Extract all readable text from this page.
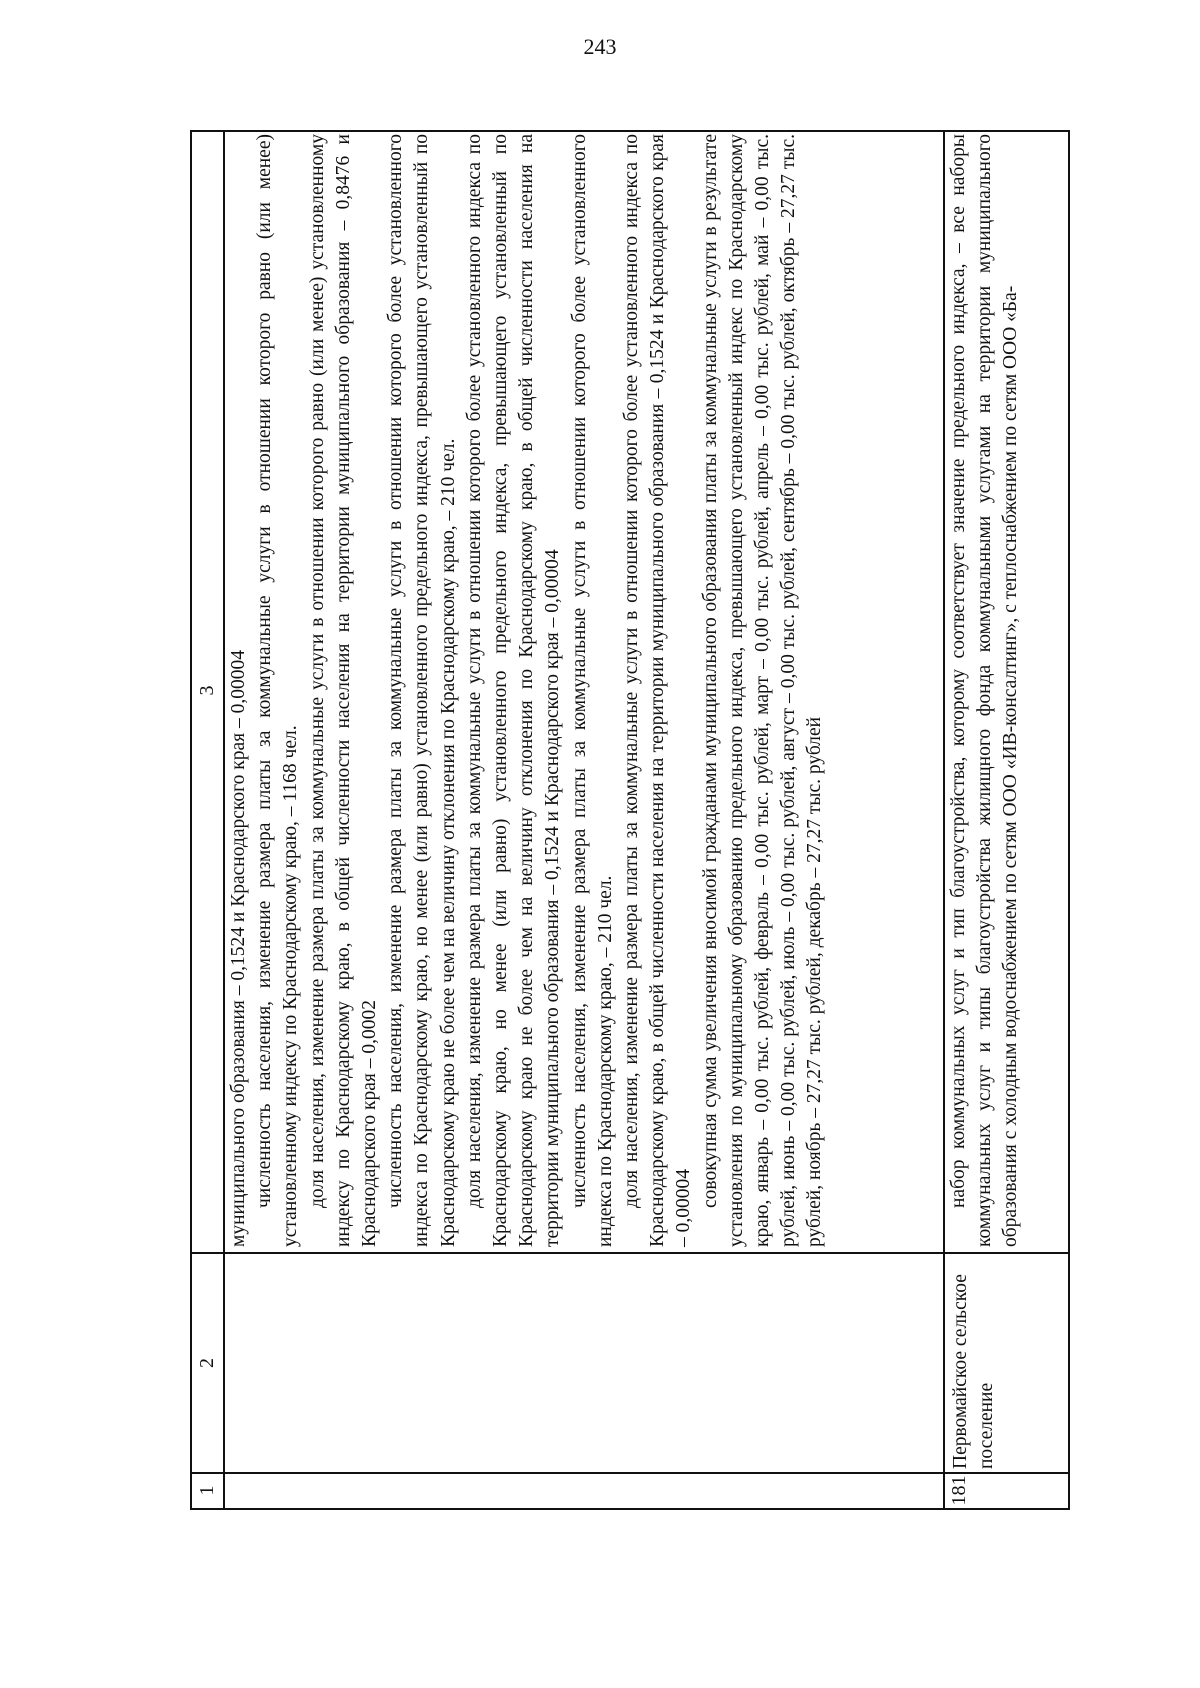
243
1
2
3 муниципального образования – 0,1524 и Краснодарского края – 0,00004 численность населения, изменение размера платы за коммунальные услуги в отношении которого равно (или менее) установленному индексу по Краснодарскому краю, – 1168 чел. доля населения, изменение размера платы за коммунальные услуги в отношении которого равно (или менее) установленному индексу по Краснодарскому краю, в общей численности населения на территории муниципального образования – 0,8476 и Краснодарского края – 0,0002 численность населения, изменение размера платы за коммунальные услуги в отношении которого более установленного индекса по Краснодарскому краю, но менее (или равно) установленного предельного индекса, превышающего установленный по Краснодарскому краю не более чем на величину отклонения по Краснодарскому краю, – 210 чел. доля населения, изменение размера платы за коммунальные услуги в отношении которого более установленного индекса по Краснодарскому краю, но менее (или равно) установленного предельного индекса, превышающего установленный по Краснодарскому краю не более чем на величину отклонения по Краснодарскому краю, в общей численности населения на территории муниципального образования – 0,1524 и Краснодарского края – 0,00004 численность населения, изменение размера платы за коммунальные услуги в отношении которого более установленного индекса по Краснодарскому краю, – 210 чел. доля населения, изменение размера платы за коммунальные услуги в отношении которого более установленного индекса по Краснодарскому краю, в общей численности населения на территории муниципального образования – 0,1524 и Краснодарского края – 0,00004 совокупная сумма увеличения вносимой гражданами муниципального образования платы за коммунальные услуги в результате установления по муниципальному образованию предельного индекса, превышающего установленный индекс по Краснодарскому краю, январь – 0,00 тыс. рублей, февраль – 0,00 тыс. рублей, март – 0,00 тыс. рублей, апрель – 0,00 тыс. рублей, май – 0,00 тыс. рублей, июнь – 0,00 тыс. рублей, июль – 0,00 тыс. рублей, август – 0,00 тыс. рублей, сентябрь – 0,00 тыс. рублей, октябрь – 27,27 тыс. рублей, ноябрь – 27,27 тыс. рублей, декабрь – 27,27 тыс. рублей

181
Первомайское сельское поселение

набор коммунальных услуг и тип благоустройства, которому соответствует значение предельного индекса, – все наборы коммунальных услуг и типы благоустройства жилищного фонда коммунальными услугами на территории муниципального образования с холодным водоснабжением по сетям ООО «ИВ-консалтинг», с теплоснабжением по сетям ООО «Ба-
